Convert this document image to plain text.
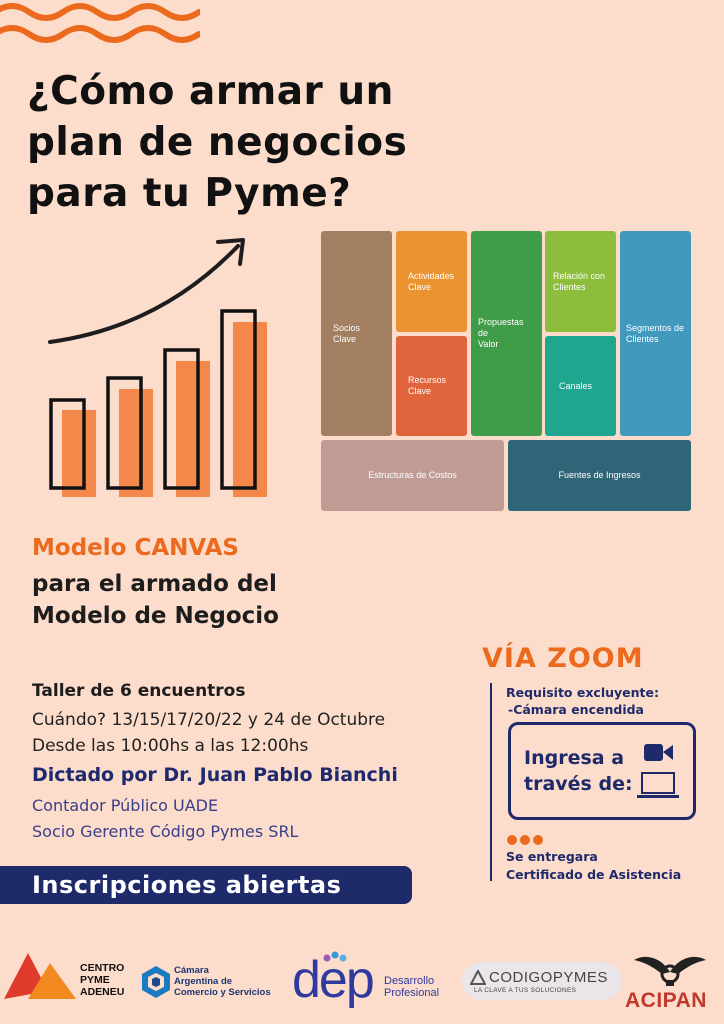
¿Cómo armar un
plan de negocios
para tu Pyme?
Socios
Clave
Actividades
Clave
Recursos
Clave
Propuestas de
Valor
Relación con
Clientes
Canales
Segmentos de
Clientes
Estructuras de Costos	Fuentes de Ingresos
Modelo CANVAS
para el armado del
Modelo de Negocio
Taller de 6 encuentros
Cuándo? 13/15/17/20/22 y 24 de Octubre
Desde las 10:00hs a las 12:00hs
Dictado por Dr. Juan Pablo Bianchi
Contador Público UADE
Socio Gerente Código Pymes SRL
Inscripciones abiertas
VÍA ZOOM
Requisito excluyente:
-Cámara encendida
Ingresa a
través de:
Se entregara
Certificado de Asistencia
CENTRO
PYME
ADENEU
Cámara
Argentina de
Comercio y Servicios dep Desarrollo
Profesional
CODIGOPYMES
LA CLAVE A TUS SOLUCIONES ACIPAN
